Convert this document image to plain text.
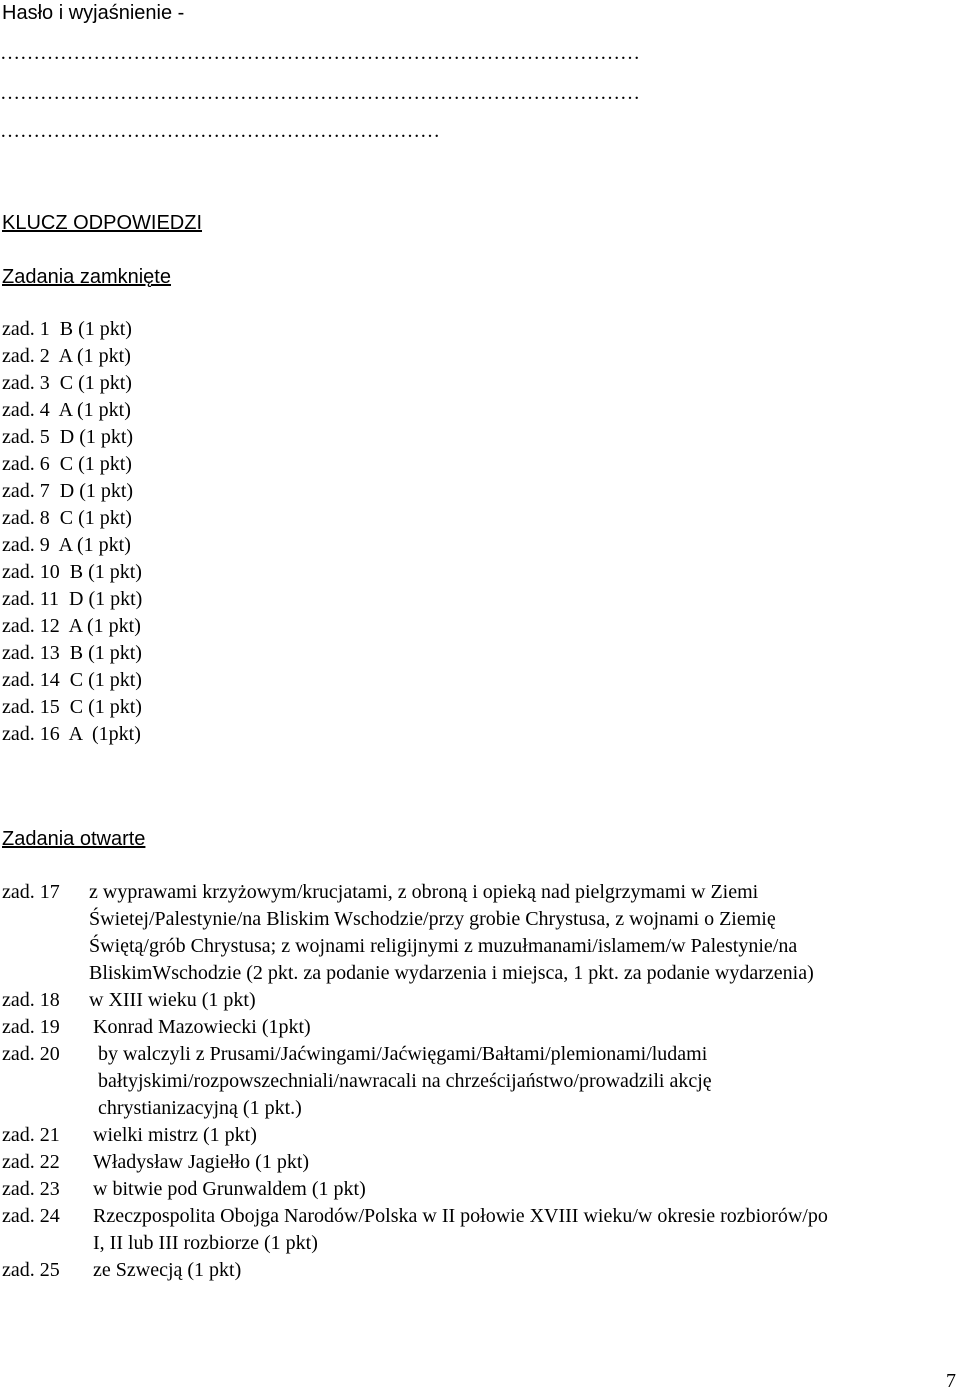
Hasło i wyjaśnienie -
……………………………………………………………………………………
……………………………………………………………………………………
…………………………………………………………
KLUCZ ODPOWIEDZI
Zadania zamknięte
zad. 1  B (1 pkt)
zad. 2  A (1 pkt)
zad. 3  C (1 pkt)
zad. 4  A (1 pkt)
zad. 5  D (1 pkt)
zad. 6  C (1 pkt)
zad. 7  D (1 pkt)
zad. 8  C (1 pkt)
zad. 9  A (1 pkt)
zad. 10  B (1 pkt)
zad. 11  D (1 pkt)
zad. 12  A (1 pkt)
zad. 13  B (1 pkt)
zad. 14  C (1 pkt)
zad. 15  C (1 pkt)
zad. 16  A  (1pkt)
Zadania otwarte
zad. 17	z wyprawami krzyżowym/krucjatami, z obroną i opieką nad pielgrzymami w Ziemi Świetej/Palestynie/na Bliskim Wschodzie/przy grobie Chrystusa, z wojnami o Ziemię Świętą/grób Chrystusa; z wojnami religijnymi z muzułmanami/islamem/w Palestynie/na BliskimWschodzie (2 pkt. za podanie wydarzenia i miejsca, 1 pkt. za podanie wydarzenia)
zad. 18	w XIII wieku (1 pkt)
zad. 19	Konrad Mazowiecki (1pkt)
zad. 20	by walczyli z Prusami/Jaćwingami/Jaćwięgami/Bałtami/plemionami/ludami bałtyjskimi/rozpowszechniali/nawracali na chrześcijaństwo/prowadzili akcję chrystianizacyjną (1 pkt.)
zad. 21	wielki mistrz (1 pkt)
zad. 22	Władysław Jagiełło (1 pkt)
zad. 23	w bitwie pod Grunwaldem (1 pkt)
zad. 24	Rzeczpospolita Obojga Narodów/Polska w II połowie XVIII wieku/w okresie rozbiorów/po I, II lub III rozbiorze (1 pkt)
zad. 25	ze Szwecją (1 pkt)
7
